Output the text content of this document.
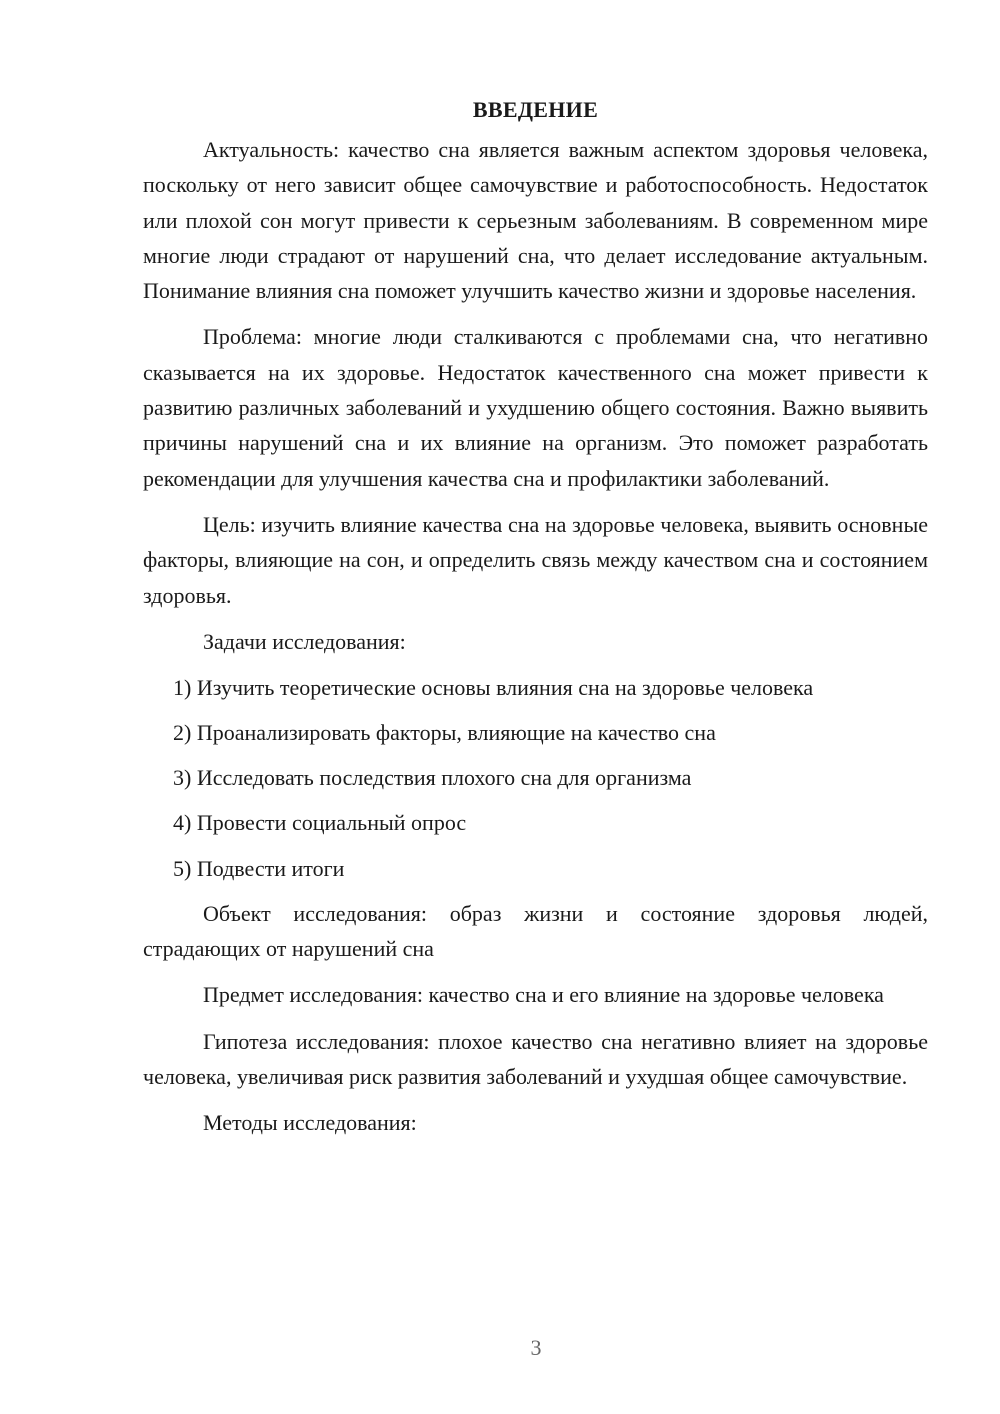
ВВЕДЕНИЕ

Актуальность: качество сна является важным аспектом здоровья человека, поскольку от него зависит общее самочувствие и работоспособность. Недостаток или плохой сон могут привести к серьезным заболеваниям. В современном мире многие люди страдают от нарушений сна, что делает исследование актуальным. Понимание влияния сна поможет улучшить качество жизни и здоровье населения.

Проблема: многие люди сталкиваются с проблемами сна, что негативно сказывается на их здоровье. Недостаток качественного сна может привести к развитию различных заболеваний и ухудшению общего состояния. Важно выявить причины нарушений сна и их влияние на организм. Это поможет разработать рекомендации для улучшения качества сна и профилактики заболеваний.

Цель: изучить влияние качества сна на здоровье человека, выявить основные факторы, влияющие на сон, и определить связь между качеством сна и состоянием здоровья.

Задачи исследования:

1) Изучить теоретические основы влияния сна на здоровье человека
2) Проанализировать факторы, влияющие на качество сна
3) Исследовать последствия плохого сна для организма
4) Провести социальный опрос
5) Подвести итоги

Объект исследования: образ жизни и состояние здоровья людей, страдающих от нарушений сна

Предмет исследования: качество сна и его влияние на здоровье человека

Гипотеза исследования: плохое качество сна негативно влияет на здоровье человека, увеличивая риск развития заболеваний и ухудшая общее самочувствие.

Методы исследования:

3
